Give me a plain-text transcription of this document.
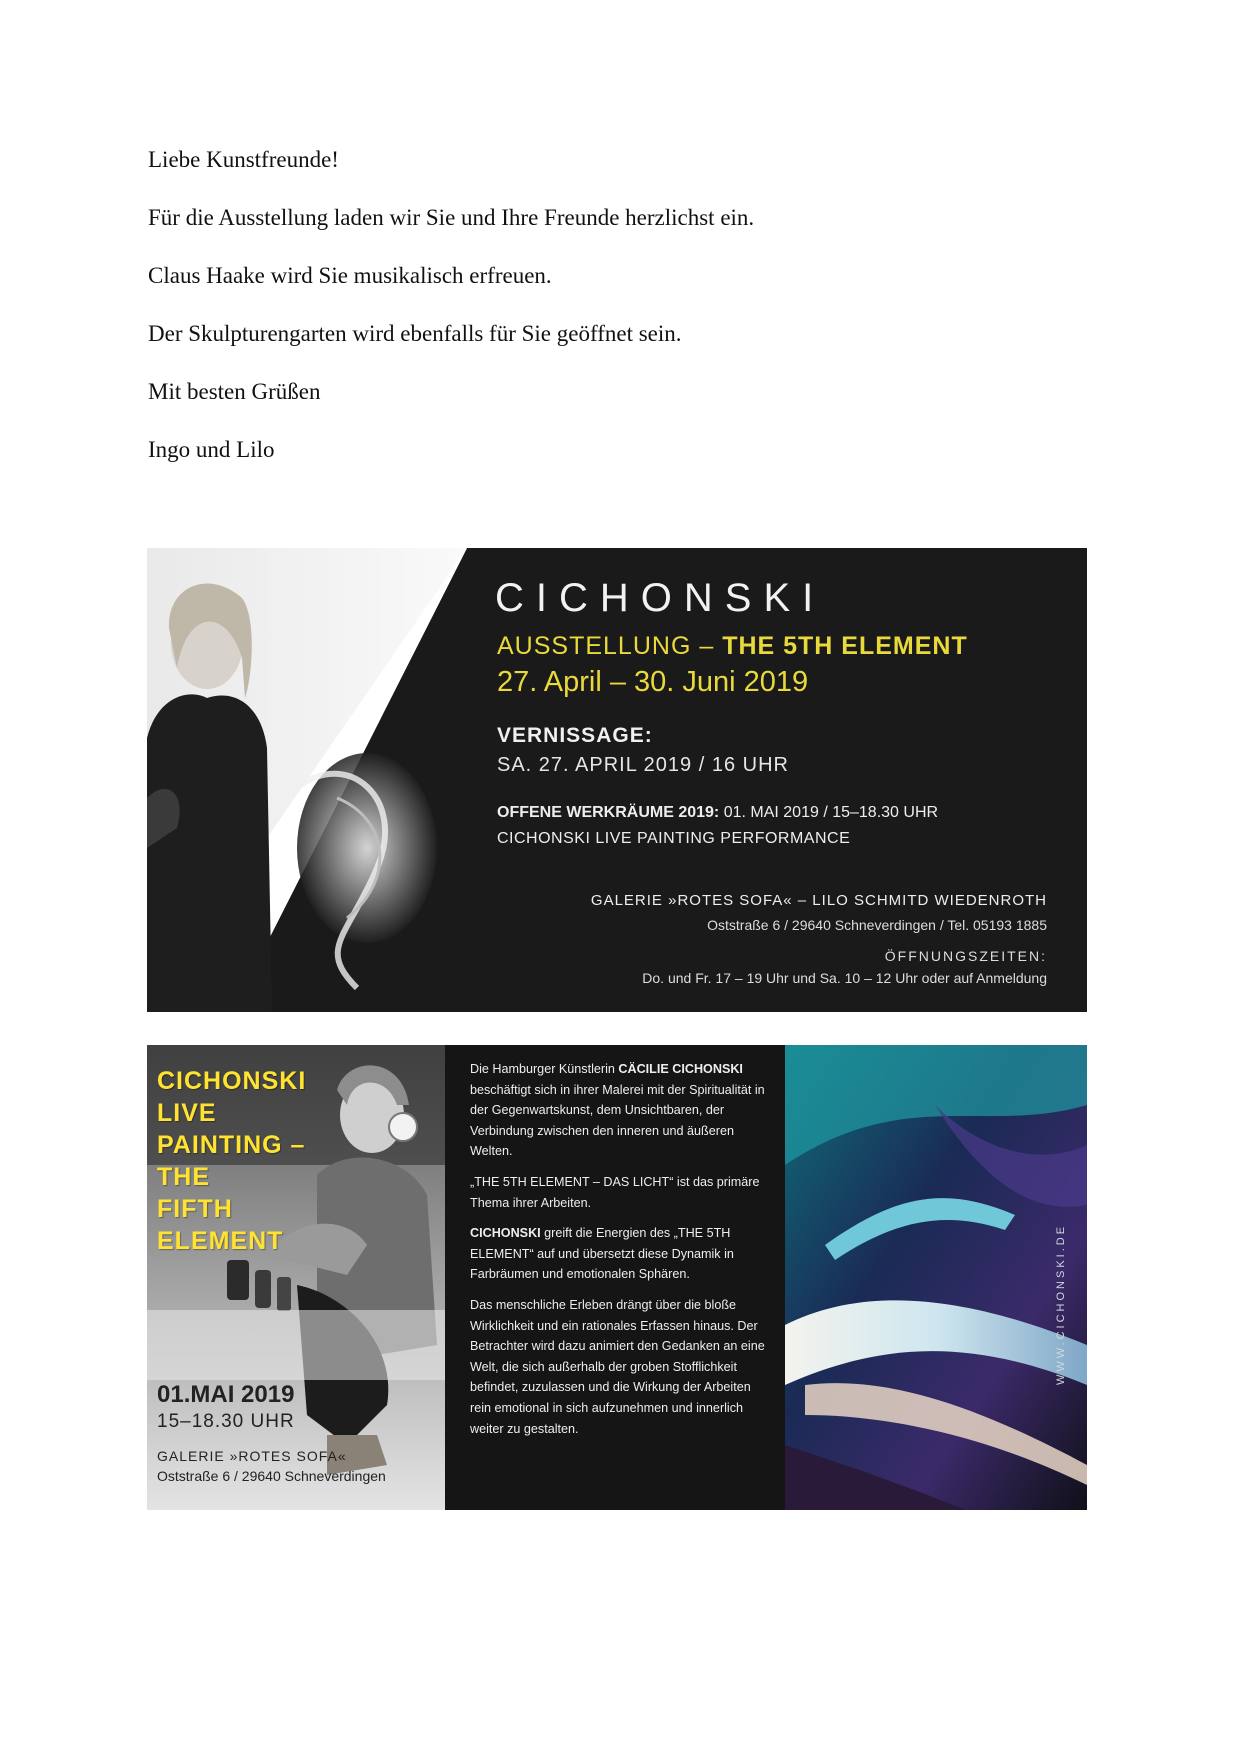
Liebe Kunstfreunde!

Für die Ausstellung laden wir Sie und Ihre Freunde herzlichst ein.

Claus Haake wird Sie musikalisch erfreuen.

Der Skulpturengarten wird ebenfalls für Sie geöffnet sein.

Mit besten Grüßen

Ingo und Lilo

CICHONSKI
AUSSTELLUNG – THE 5TH ELEMENT
27. April – 30. Juni 2019
VERNISSAGE:
SA. 27. APRIL 2019 / 16 UHR
OFFENE WERKRÄUME 2019: 01. MAI 2019 / 15–18.30 UHR
CICHONSKI LIVE PAINTING PERFORMANCE
GALERIE »ROTES SOFA« – LILO SCHMITD WIEDENROTH
Oststraße 6 / 29640 Schneverdingen / Tel. 05193 1885
ÖFFNUNGSZEITEN:
Do. und Fr. 17 – 19 Uhr und Sa. 10 – 12 Uhr oder auf Anmeldung
CICHONSKI
LIVE
PAINTING –
THE
FIFTH
ELEMENT
01.MAI 2019
15–18.30 UHR
GALERIE »ROTES SOFA«
Oststraße 6 / 29640 Schneverdingen

Die Hamburger Künstlerin CÄCILIE CICHONSKI beschäftigt sich in ihrer Malerei mit der Spiritualität in der Gegenwartskunst, dem Unsichtbaren, der Verbindung zwischen den inneren und äußeren Welten.

„THE 5TH ELEMENT – DAS LICHT“ ist das primäre Thema ihrer Arbeiten.

CICHONSKI greift die Energien des „THE 5TH ELEMENT“ auf und übersetzt diese Dynamik in Farbräumen und emotionalen Sphären.

Das menschliche Erleben drängt über die bloße Wirklichkeit und ein rationales Erfassen hinaus. Der Betrachter wird dazu animiert den Gedanken an eine Welt, die sich außerhalb der groben Stofflichkeit befindet, zuzulassen und die Wirkung der Arbeiten rein emotional in sich aufzunehmen und innerlich weiter zu gestalten.

WWW.CICHONSKI.DE
